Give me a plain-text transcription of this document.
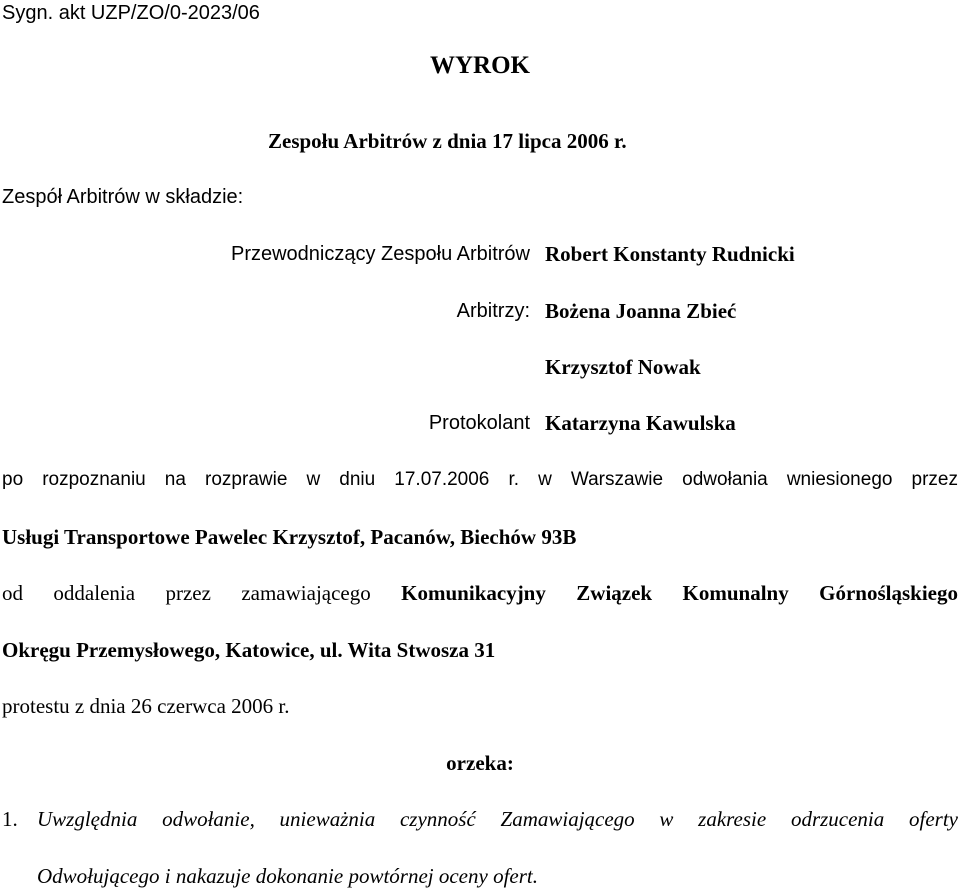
Sygn. akt UZP/ZO/0-2023/06
WYROK
Zespołu Arbitrów z dnia 17 lipca 2006 r.
Zespół Arbitrów w składzie:
Przewodniczący Zespołu Arbitrów Robert Konstanty Rudnicki
Arbitrzy: Bożena Joanna Zbieć
Krzysztof Nowak
Protokolant Katarzyna Kawulska
po rozpoznaniu na rozprawie w dniu 17.07.2006 r. w Warszawie odwołania wniesionego przez
Usługi Transportowe Pawelec Krzysztof, Pacanów, Biechów 93B
od oddalenia przez zamawiającego Komunikacyjny Związek Komunalny Górnośląskiego
Okręgu Przemysłowego, Katowice, ul. Wita Stwosza 31
protestu z dnia 26 czerwca 2006 r.
orzeka:
1. Uwzględnia odwołanie, unieważnia czynność Zamawiającego w zakresie odrzucenia oferty
Odwołującego i nakazuje dokonanie powtórnej oceny ofert.
